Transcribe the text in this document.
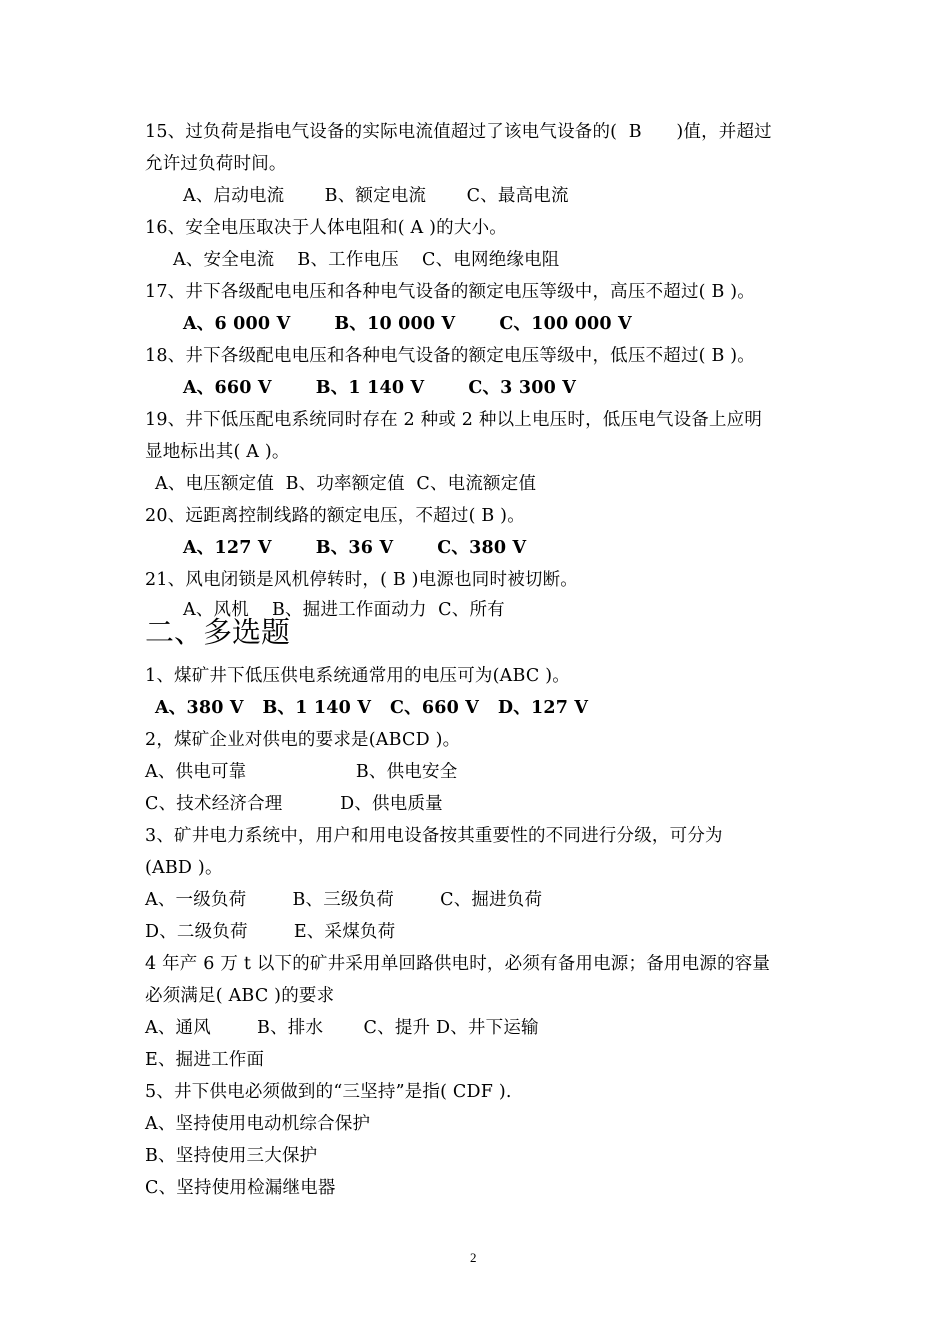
15、过负荷是指电气设备的实际电流值超过了该电气设备的(  B      )值，并超过
允许过负荷时间。
A、启动电流       B、额定电流       C、最高电流
16、安全电压取决于人体电阻和( A )的大小。
A、安全电流    B、工作电压    C、电网绝缘电阻
17、井下各级配电电压和各种电气设备的额定电压等级中，高压不超过( B )。
A、6 000 V       B、10 000 V       C、100 000 V
18、井下各级配电电压和各种电气设备的额定电压等级中，低压不超过( B )。
A、660 V       B、1 140 V       C、3 300 V
19、井下低压配电系统同时存在 2 种或 2 种以上电压时，低压电气设备上应明
显地标出其( A )。
A、电压额定值  B、功率额定值  C、电流额定值
20、远距离控制线路的额定电压，不超过( B )。
A、127 V       B、36 V       C、380 V
21、风电闭锁是风机停转时，( B )电源也同时被切断。
A、风机    B、掘进工作面动力  C、所有
二、多选题
1、煤矿井下低压供电系统通常用的电压可为(ABC )。
A、380 V   B、1 140 V   C、660 V   D、127 V
2，煤矿企业对供电的要求是(ABCD )。
A、供电可靠                   B、供电安全
C、技术经济合理          D、供电质量
3、矿井电力系统中，用户和用电设备按其重要性的不同进行分级，可分为
(ABD )。
A、一级负荷        B、三级负荷        C、掘进负荷
D、二级负荷        E、采煤负荷
4 年产 6 万 t 以下的矿井采用单回路供电时，必须有备用电源；备用电源的容量
必须满足( ABC )的要求
A、通风        B、排水       C、提升 D、井下运输
E、掘进工作面
5、井下供电必须做到的“三坚持”是指( CDF ).
A、坚持使用电动机综合保护
B、坚持使用三大保护
C、坚持使用检漏继电器
2
